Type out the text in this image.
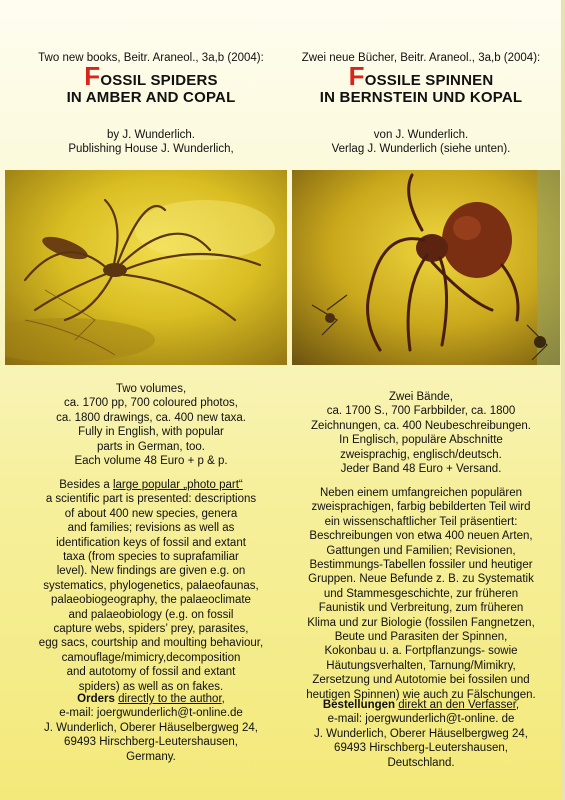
Two new books, Beitr. Araneol., 3a,b (2004):
FOSSIL SPIDERS
IN AMBER AND COPAL

by J. Wunderlich.

Publishing House J. Wunderlich,

Zwei neue Bücher, Beitr. Araneol., 3a,b (2004):
FOSSILE SPINNEN
IN BERNSTEIN UND KOPAL

von J. Wunderlich.

Verlag J. Wunderlich (siehe unten).

Two volumes,

ca. 1700 pp, 700 coloured photos,

ca. 1800 drawings, ca. 400 new taxa.

Fully in English, with popular

parts in German, too.

Each volume 48 Euro + p & p.

Zwei Bände,

ca. 1700 S., 700 Farbbilder, ca. 1800

Zeichnungen, ca. 400 Neubeschreibungen.

In Englisch, populäre Abschnitte

zweisprachig, englisch/deutsch.

Jeder Band 48 Euro + Versand.

Besides a large popular „photo part“

a scientific part is presented: descriptions

of about 400 new species, genera

and families; revisions as well as

identification keys of fossil and extant

taxa (from species to suprafamiliar

level). New findings are given e.g. on

systematics, phylogenetics, palaeofaunas,

palaeobiogeography, the palaeoclimate

and palaeobiology (e.g. on fossil

capture webs, spiders’ prey, parasites,

egg sacs, courtship and moulting behaviour,

camouflage/mimicry,decomposition

and autotomy of fossil and extant

spiders) as well as on fakes.

Neben einem umfangreichen populären

zweisprachigen, farbig bebilderten Teil wird

ein wissenschaftlicher Teil präsentiert:

Beschreibungen von etwa 400 neuen Arten,

Gattungen und Familien; Revisionen,

Bestimmungs-Tabellen fossiler und heutiger

Gruppen. Neue Befunde z. B. zu Systematik

und Stammesgeschichte, zur früheren

Faunistik und Verbreitung, zum früheren

Klima und zur Biologie (fossilen Fangnetzen,

Beute und Parasiten der Spinnen,

Kokonbau u. a. Fortpflanzungs- sowie

Häutungsverhalten, Tarnung/Mimikry,

Zersetzung und Autotomie bei fossilen und

heutigen Spinnen) wie auch zu Fälschungen.

Orders directly to the author,

e-mail: joergwunderlich@t-online.de

J. Wunderlich, Oberer Häuselbergweg 24,

69493 Hirschberg-Leutershausen,

Germany.

Bestellungen direkt an den Verfasser,

e-mail: joergwunderlich@t-online. de

J. Wunderlich, Oberer Häuselbergweg 24,

69493 Hirschberg-Leutershausen,

Deutschland.
